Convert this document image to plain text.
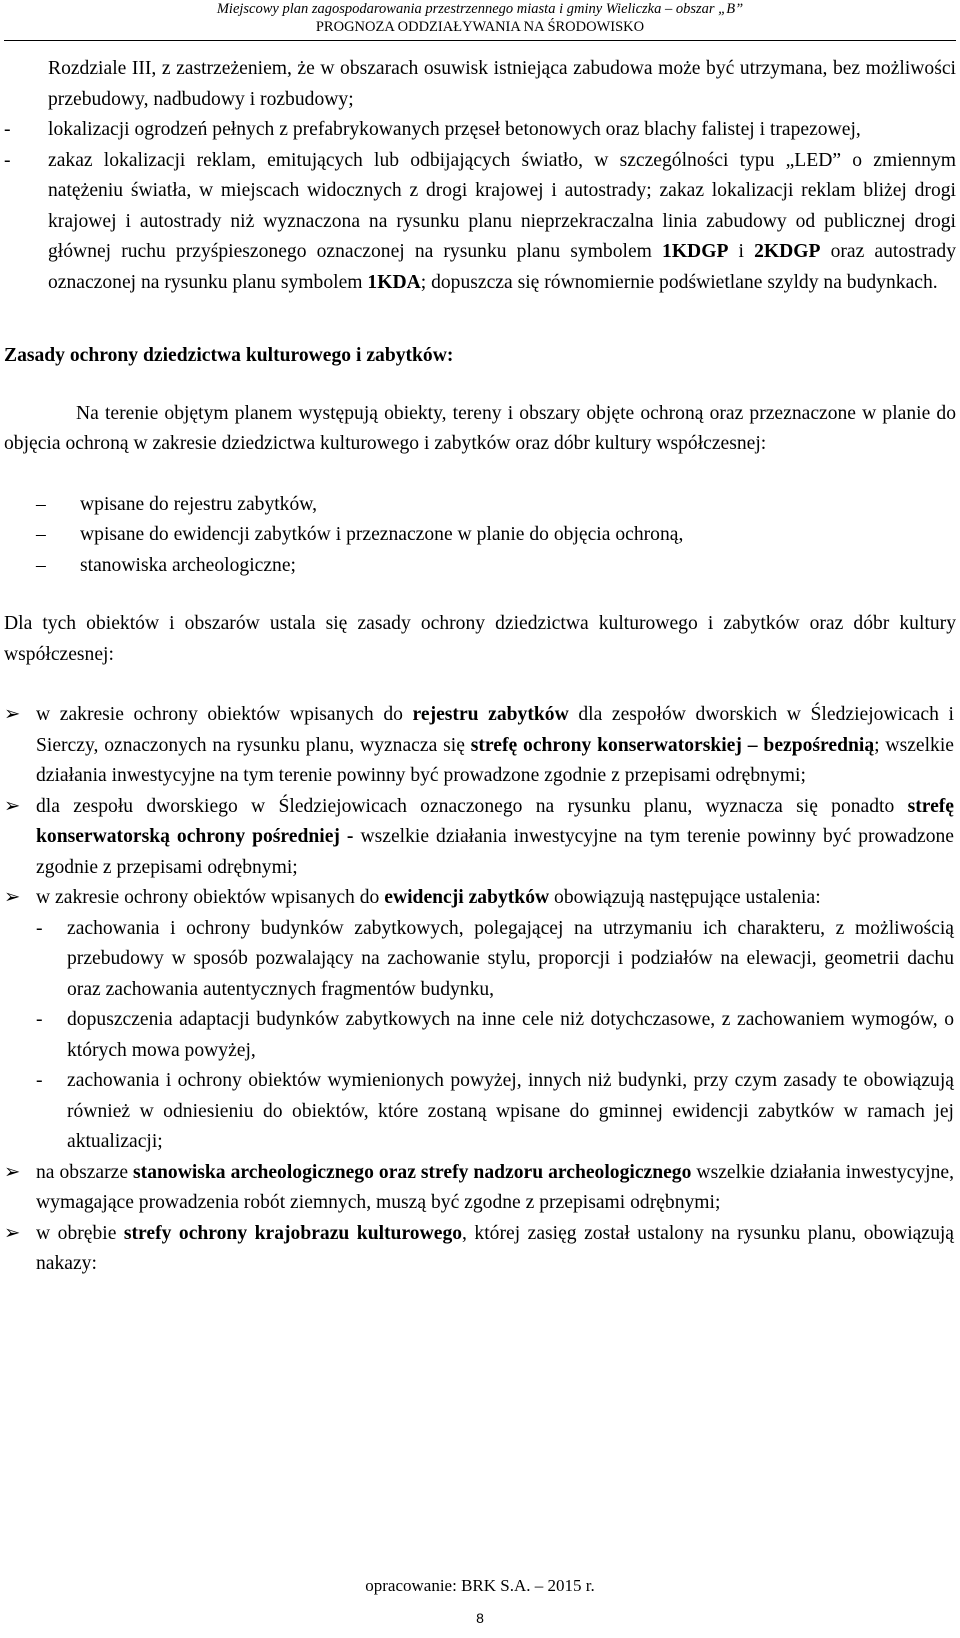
Miejscowy plan zagospodarowania przestrzennego miasta i gminy Wieliczka – obszar „B”
PROGNOZA ODDZIAŁYWANIA NA ŚRODOWISKO

Rozdziale III, z zastrzeżeniem, że w obszarach osuwisk istniejąca zabudowa może być utrzymana, bez możliwości przebudowy, nadbudowy i rozbudowy;

- lokalizacji ogrodzeń pełnych z prefabrykowanych przęseł betonowych oraz blachy falistej i trapezowej,

- zakaz lokalizacji reklam, emitujących lub odbijających światło, w szczególności typu „LED” o zmiennym natężeniu światła, w miejscach widocznych z drogi krajowej i autostrady; zakaz lokalizacji reklam bliżej drogi krajowej i autostrady niż wyznaczona na rysunku planu nieprzekraczalna linia zabudowy od publicznej drogi głównej ruchu przyśpieszonego oznaczonej na rysunku planu symbolem 1KDGP i 2KDGP oraz autostrady oznaczonej na rysunku planu symbolem 1KDA; dopuszcza się równomiernie podświetlane szyldy na budynkach.

Zasady ochrony dziedzictwa kulturowego i zabytków:

Na terenie objętym planem występują obiekty, tereny i obszary objęte ochroną oraz przeznaczone w planie do objęcia ochroną w zakresie dziedzictwa kulturowego i zabytków oraz dóbr kultury współczesnej:

– wpisane do rejestru zabytków,
– wpisane do ewidencji zabytków i przeznaczone w planie do objęcia ochroną,
– stanowiska archeologiczne;

Dla tych obiektów i obszarów ustala się zasady ochrony dziedzictwa kulturowego i zabytków oraz dóbr kultury współczesnej:

➢ w zakresie ochrony obiektów wpisanych do rejestru zabytków dla zespołów dworskich w Śledziejowicach i Sierczy, oznaczonych na rysunku planu, wyznacza się strefę ochrony konserwatorskiej – bezpośrednią; wszelkie działania inwestycyjne na tym terenie powinny być prowadzone zgodnie z przepisami odrębnymi;

➢ dla zespołu dworskiego w Śledziejowicach oznaczonego na rysunku planu, wyznacza się ponadto strefę konserwatorską ochrony pośredniej - wszelkie działania inwestycyjne na tym terenie powinny być prowadzone zgodnie z przepisami odrębnymi;

➢ w zakresie ochrony obiektów wpisanych do ewidencji zabytków obowiązują następujące ustalenia:

- zachowania i ochrony budynków zabytkowych, polegającej na utrzymaniu ich charakteru, z możliwością przebudowy w sposób pozwalający na zachowanie stylu, proporcji i podziałów na elewacji, geometrii dachu oraz zachowania autentycznych fragmentów budynku,

- dopuszczenia adaptacji budynków zabytkowych na inne cele niż dotychczasowe, z zachowaniem wymogów, o których mowa powyżej,

- zachowania i ochrony obiektów wymienionych powyżej, innych niż budynki, przy czym zasady te obowiązują również w odniesieniu do obiektów, które zostaną wpisane do gminnej ewidencji zabytków w ramach jej aktualizacji;

➢ na obszarze stanowiska archeologicznego oraz strefy nadzoru archeologicznego wszelkie działania inwestycyjne, wymagające prowadzenia robót ziemnych, muszą być zgodne z przepisami odrębnymi;

➢ w obrębie strefy ochrony krajobrazu kulturowego, której zasięg został ustalony na rysunku planu, obowiązują nakazy:

opracowanie: BRK S.A. – 2015 r.
8
